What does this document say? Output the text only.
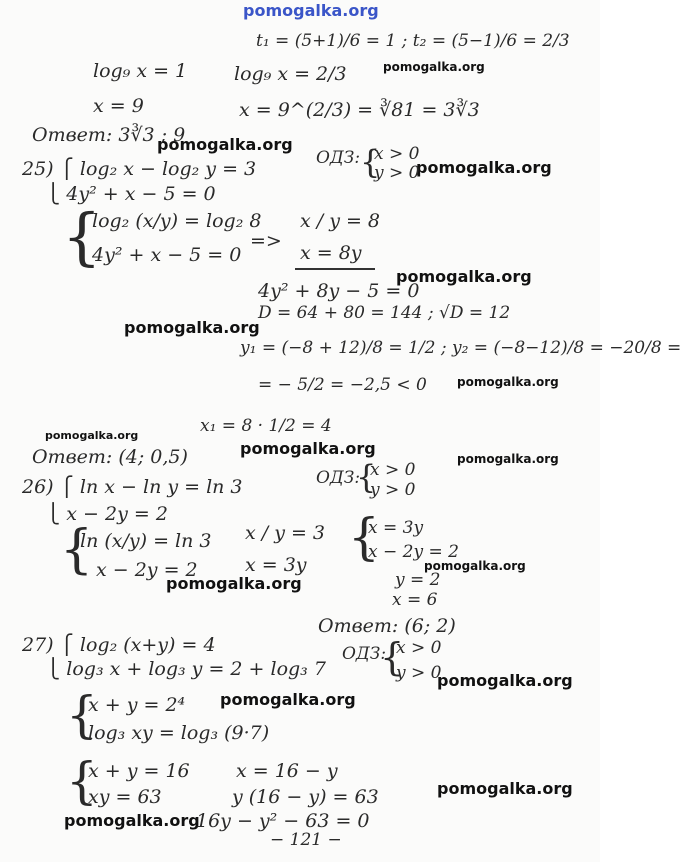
pomogalka.org
pomogalka.org
pomogalka.org
pomogalka.org
pomogalka.org
pomogalka.org
pomogalka.org
pomogalka.org
pomogalka.org
pomogalka.org
pomogalka.org
pomogalka.org
pomogalka.org
pomogalka.org
pomogalka.org
pomogalka.org
t₁ = (5+1)/6 = 1 ; t₂ = (5−1)/6 = 2/3
log₉ x = 1 log₉ x = 2/3
x = 9	x = 9^(2/3) = ∛81 = 3∛3
Ответ: 3∛3 ; 9
25) ⎧ log₂ x − log₂ y = 3
⎩ 4y² + x − 5 = 0
ОДЗ: {
x > 0
y > 0
{
log₂ (x/y) = log₂ 8
4y² + x − 5 = 0
=>
x / y = 8
x = 8y
4y² + 8y − 5 = 0
D = 64 + 80 = 144 ; √D = 12
y₁ = (−8 + 12)/8 = 1/2 ; y₂ = (−8−12)/8 = −20/8 =
= − 5/2 = −2,5 < 0
x₁ = 8 · 1/2 = 4
Ответ: (4; 0,5)
26) ⎧ ln x − ln y = ln 3
⎩ x − 2y = 2
ОДЗ:
{
x > 0
y > 0
{
ln (x/y) = ln 3
x − 2y = 2
x / y = 3
x = 3y {
x = 3y
x − 2y = 2
y = 2
x = 6
Ответ: (6; 2)
27) ⎧ log₂ (x+y) = 4
⎩ log₃ x + log₃ y = 2 + log₃ 7
ОДЗ:
{
x > 0
y > 0
{
x + y = 2⁴
log₃ xy = log₃ (9·7)
{
x + y = 16
xy = 63
x = 16 − y
y (16 − y) = 63
16y − y² − 63 = 0
− 121 −
